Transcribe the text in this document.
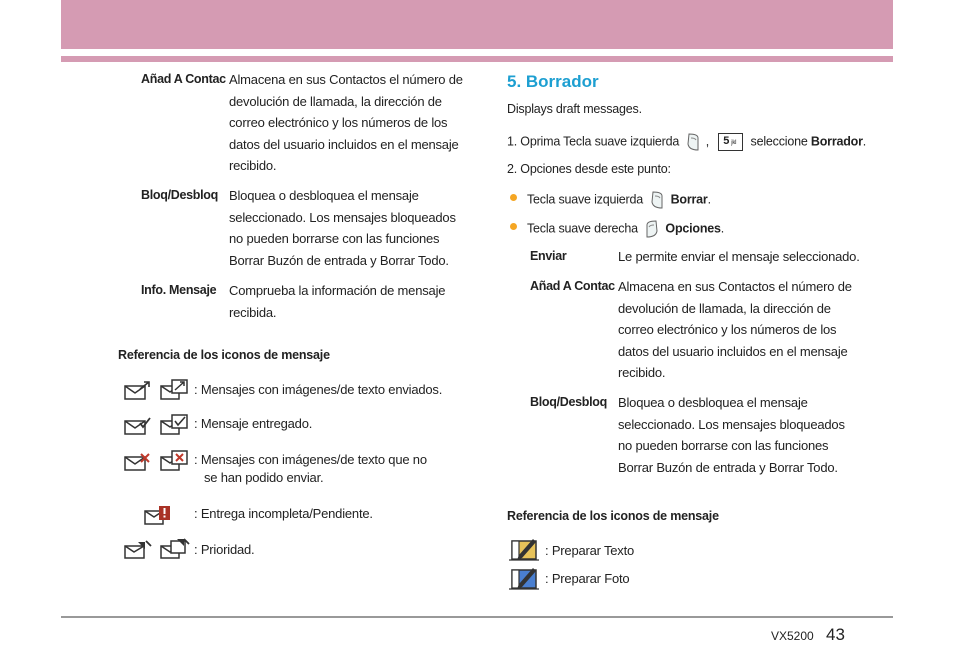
Añad A Contac Almacena en sus Contactos el número de
devolución de llamada, la dirección de
correo electrónico y los números de los
datos del usuario incluidos en el mensaje
recibido.
Bloq/Desbloq Bloquea o desbloquea el mensaje
seleccionado. Los mensajes bloqueados
no pueden borrarse con las funciones
Borrar Buzón de entrada y Borrar Todo.
Info. Mensaje Comprueba la información de mensaje
recibida.
Referencia de los iconos de mensaje
: Mensajes con imágenes/de texto enviados.
: Mensaje entregado.
: Mensajes con imágenes/de texto que no
se han podido enviar.
: Entrega incompleta/Pendiente.
: Prioridad.
5. Borrador
Displays draft messages.
1. Oprima Tecla suave izquierda , 5 jkl seleccione Borrador.
2. Opciones desde este punto:
Tecla suave izquierda Borrar.
Tecla suave derecha Opciones.
Enviar	Le permite enviar el mensaje seleccionado.
Añad A Contac Almacena en sus Contactos el número de
devolución de llamada, la dirección de
correo electrónico y los números de los
datos del usuario incluidos en el mensaje
recibido.
Bloq/Desbloq Bloquea o desbloquea el mensaje
seleccionado. Los mensajes bloqueados
no pueden borrarse con las funciones
Borrar Buzón de entrada y Borrar Todo.
Referencia de los iconos de mensaje
: Preparar Texto
: Preparar Foto
VX5200 43
